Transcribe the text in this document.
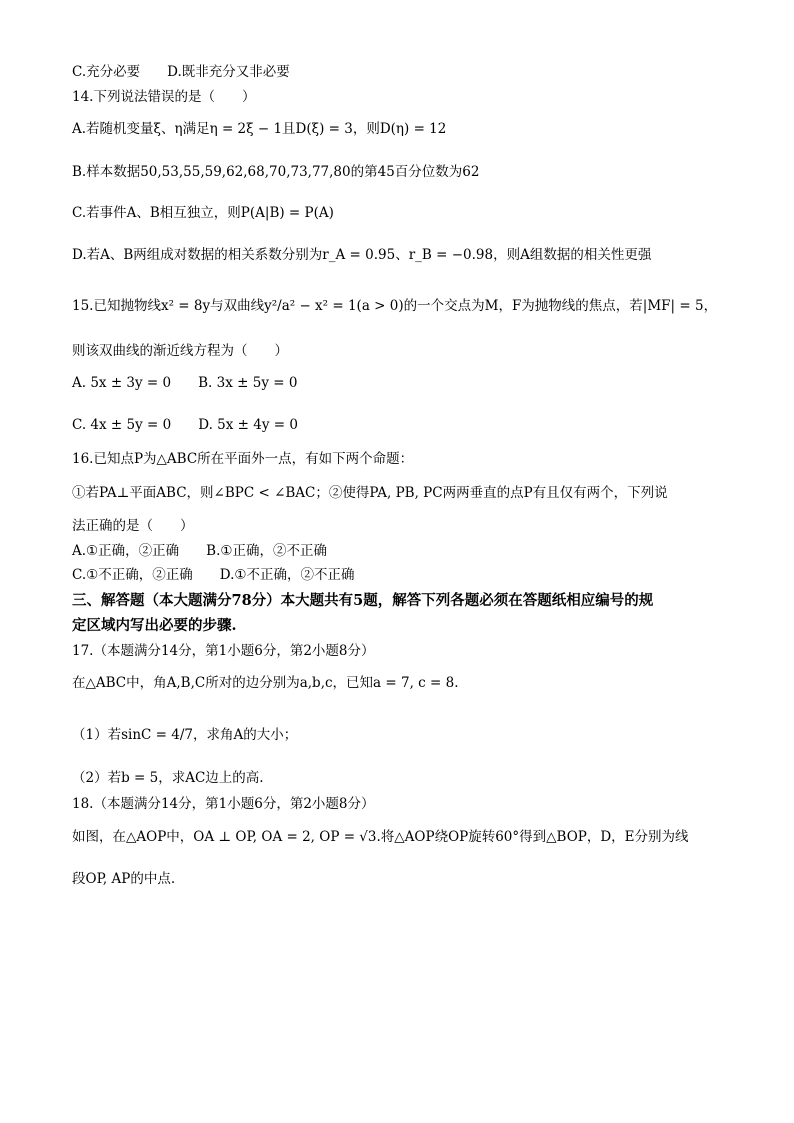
C.充分必要　　D.既非充分又非必要
14.下列说法错误的是（　　）
A.若随机变量ξ、η满足η = 2ξ − 1且D(ξ) = 3，则D(η) = 12
B.样本数据50,53,55,59,62,68,70,73,77,80的第45百分位数为62
C.若事件A、B相互独立，则P(A|B) = P(A)
D.若A、B两组成对数据的相关系数分别为r_A = 0.95、r_B = −0.98，则A组数据的相关性更强
15.已知抛物线x² = 8y与双曲线y²/a² − x² = 1(a > 0)的一个交点为M，F为抛物线的焦点，若|MF| = 5，
则该双曲线的渐近线方程为（　　）
A. 5x ± 3y = 0　　B. 3x ± 5y = 0
C. 4x ± 5y = 0　　D. 5x ± 4y = 0
16.已知点P为△ABC所在平面外一点，有如下两个命题：
①若PA⊥平面ABC，则∠BPC < ∠BAC；②使得PA, PB, PC两两垂直的点P有且仅有两个，下列说
法正确的是（　　）
A.①正确，②正确　　B.①正确，②不正确
C.①不正确，②正确　　D.①不正确，②不正确
三、解答题（本大题满分78分）本大题共有5题，解答下列各题必须在答题纸相应编号的规
定区域内写出必要的步骤.
17.（本题满分14分，第1小题6分，第2小题8分）
在△ABC中，角A,B,C所对的边分别为a,b,c，已知a = 7, c = 8.
（1）若sinC = 4/7，求角A的大小；
（2）若b = 5，求AC边上的高.
18.（本题满分14分，第1小题6分，第2小题8分）
如图，在△AOP中，OA ⊥ OP, OA = 2, OP = √3.将△AOP绕OP旋转60°得到△BOP，D，E分别为线
段OP, AP的中点.
